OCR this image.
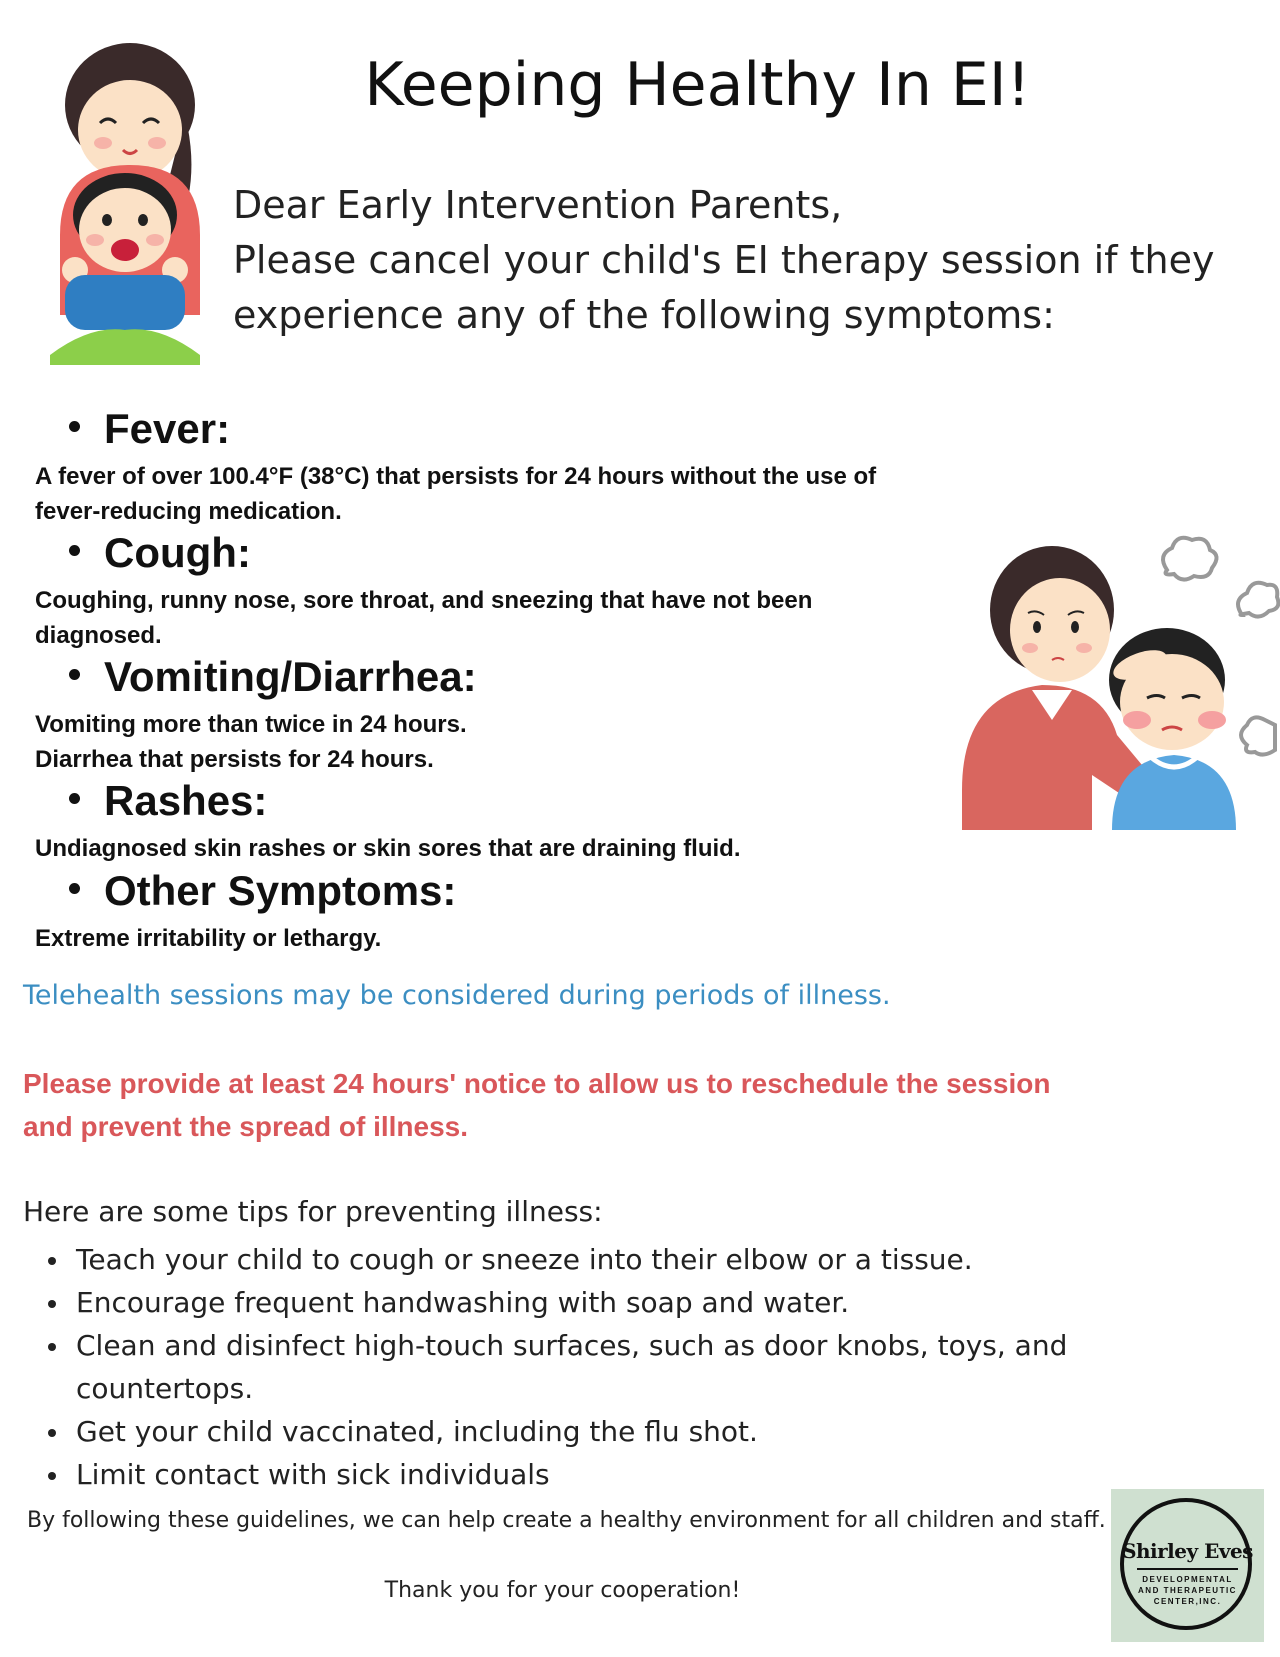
Keeping Healthy In EI!
Dear Early Intervention Parents,
Please cancel your child's EI therapy session if they
experience any of the following symptoms:
Fever:
A fever of over 100.4°F (38°C) that persists for 24 hours without the use of
fever-reducing medication.
Cough:
Coughing, runny nose, sore throat, and sneezing that have not been
diagnosed.
Vomiting/Diarrhea:
Vomiting more than twice in 24 hours.
Diarrhea that persists for 24 hours.
Rashes:
Undiagnosed skin rashes or skin sores that are draining fluid.
Other Symptoms:
Extreme irritability or lethargy.
Telehealth sessions may be considered during periods of illness.
Please provide at least 24 hours' notice to allow us to reschedule the session
and prevent the spread of illness.
Here are some tips for preventing illness:
Teach your child to cough or sneeze into their elbow or a tissue.
Encourage frequent handwashing with soap and water.
Clean and disinfect high-touch surfaces, such as door knobs, toys, and
countertops.
Get your child vaccinated, including the flu shot.
Limit contact with sick individuals
By following these guidelines, we can help create a healthy environment for all children and staff.
Thank you for your cooperation!
Shirley Eves
DEVELOPMENTAL
AND THERAPEUTIC
CENTER,INC.
